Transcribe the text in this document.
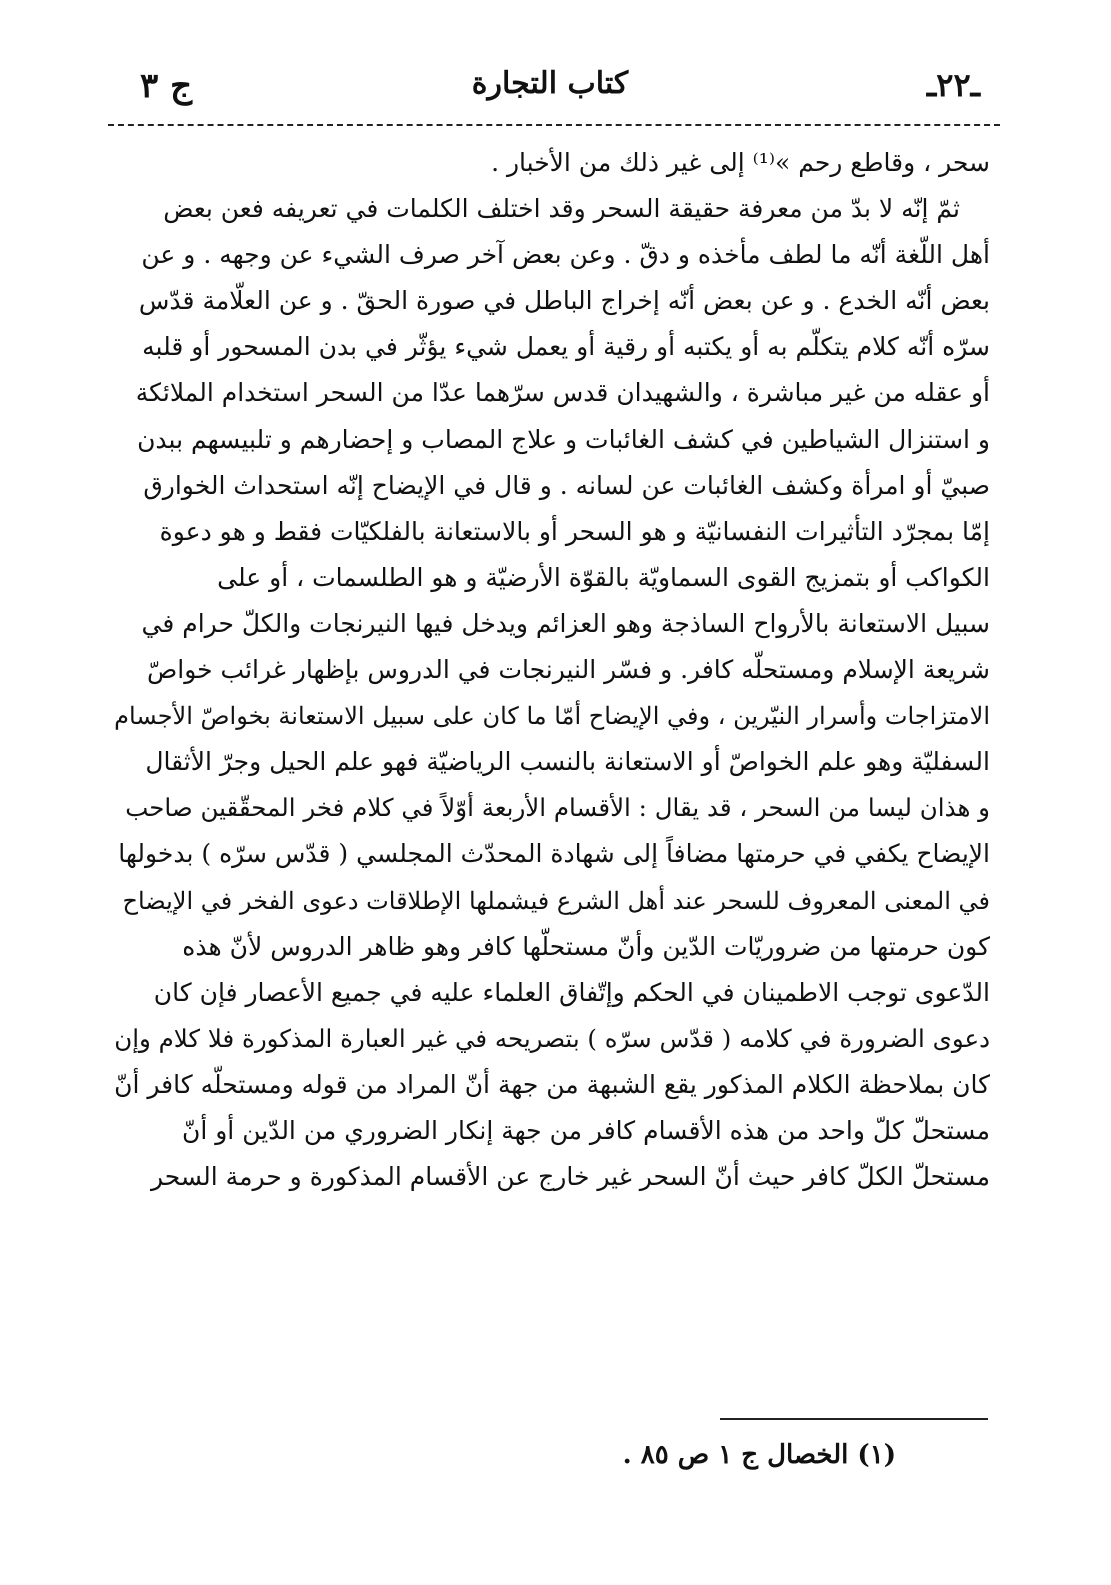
ج ٣	كتاب التجارة	ـ٢٢ـ
سحر ، وقاطع رحم »⁽¹⁾ إلى غير ذلك من الأخبار .
ثمّ إنّه لا بدّ من معرفة حقيقة السحر وقد اختلف الكلمات في تعريفه فعن بعض
أهل اللّغة أنّه ما لطف مأخذه و دقّ . وعن بعض آخر صرف الشيء عن وجهه . و عن
بعض أنّه الخدع . و عن بعض أنّه إخراج الباطل في صورة الحقّ . و عن العلّامة قدّس
سرّه أنّه كلام يتكلّم به أو يكتبه أو رقية أو يعمل شيء يؤثّر في بدن المسحور أو قلبه
أو عقله من غير مباشرة ، والشهيدان قدس سرّهما عدّا من السحر استخدام الملائكة
و استنزال الشياطين في كشف الغائبات و علاج المصاب و إحضارهم و تلبيسهم ببدن
صبيّ أو امرأة وكشف الغائبات عن لسانه . و قال في الإيضاح إنّه استحداث الخوارق
إمّا بمجرّد التأثيرات النفسانيّة و هو السحر أو بالاستعانة بالفلكيّات فقط و هو دعوة
الكواكب أو بتمزيج القوى السماويّة بالقوّة الأرضيّة و هو الطلسمات ، أو على
سبيل الاستعانة بالأرواح الساذجة وهو العزائم ويدخل فيها النيرنجات والكلّ حرام في
شريعة الإسلام ومستحلّه كافر. و فسّر النيرنجات في الدروس بإظهار غرائب خواصّ
الامتزاجات وأسرار النيّرين ، وفي الإيضاح أمّا ما كان على سبيل الاستعانة بخواصّ الأجسام
السفليّة وهو علم الخواصّ أو الاستعانة بالنسب الرياضيّة فهو علم الحيل وجرّ الأثقال
و هذان ليسا من السحر ، قد يقال : الأقسام الأربعة أوّلاً في كلام فخر المحقّقين صاحب
الإيضاح يكفي في حرمتها مضافاً إلى شهادة المحدّث المجلسي ( قدّس سرّه ) بدخولها
في المعنى المعروف للسحر عند أهل الشرع فيشملها الإطلاقات دعوى الفخر في الإيضاح
كون حرمتها من ضروريّات الدّين وأنّ مستحلّها كافر وهو ظاهر الدروس لأنّ هذه
الدّعوى توجب الاطمينان في الحكم وإتّفاق العلماء عليه في جميع الأعصار فإن كان
دعوى الضرورة في كلامه ( قدّس سرّه ) بتصريحه في غير العبارة المذكورة فلا كلام وإن
كان بملاحظة الكلام المذكور يقع الشبهة من جهة أنّ المراد من قوله ومستحلّه كافر أنّ
مستحلّ كلّ واحد من هذه الأقسام كافر من جهة إنكار الضروري من الدّين أو أنّ
مستحلّ الكلّ كافر حيث أنّ السحر غير خارج عن الأقسام المذكورة و حرمة السحر
(١) الخصال ج ١ ص ٨٥ .
